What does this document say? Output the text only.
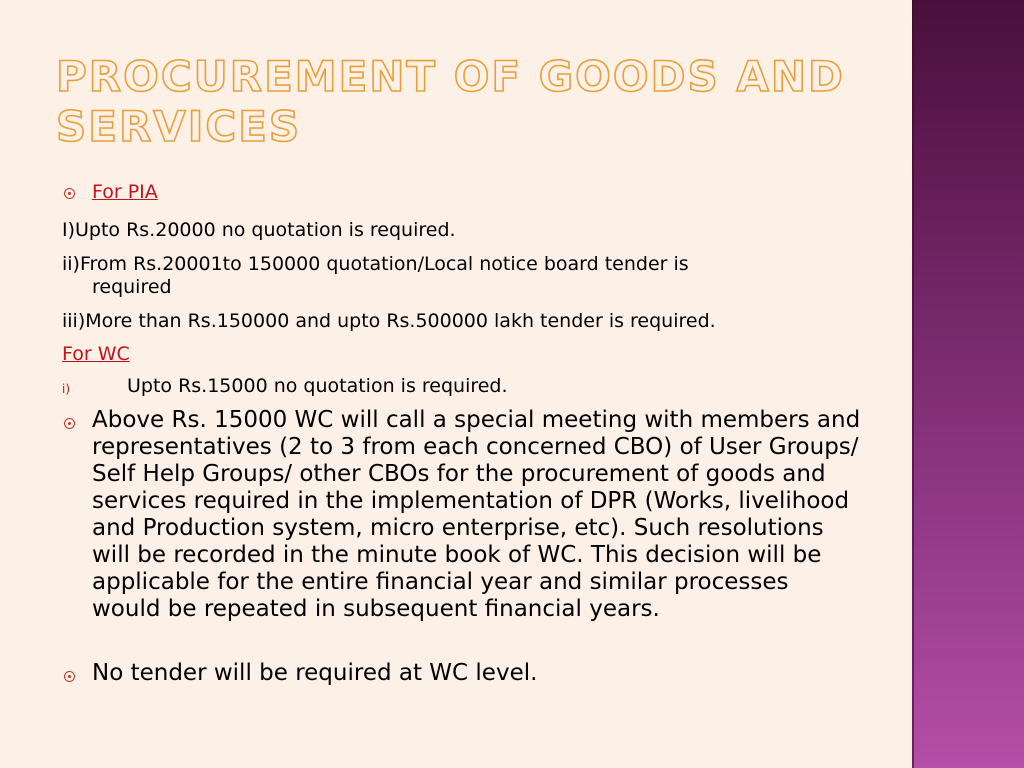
PROCUREMENT OF GOODS AND SERVICES
For PIA
I)Upto Rs.20000 no quotation is required.
ii)From Rs.20001to 150000 quotation/Local notice board tender is
required
iii)More than Rs.150000 and upto Rs.500000 lakh tender is required.
For WC
i)	Upto Rs.15000 no quotation is required.

Above Rs. 15000 WC will call a special meeting with members and representatives (2 to 3 from each concerned CBO) of User Groups/ Self Help Groups/ other CBOs for the procurement of goods and services required in the implementation of DPR (Works, livelihood and Production system, micro enterprise, etc). Such resolutions will be recorded in the minute book of WC. This decision will be applicable for the entire financial year and similar processes would be repeated in subsequent financial years.

No tender will be required at WC level.
